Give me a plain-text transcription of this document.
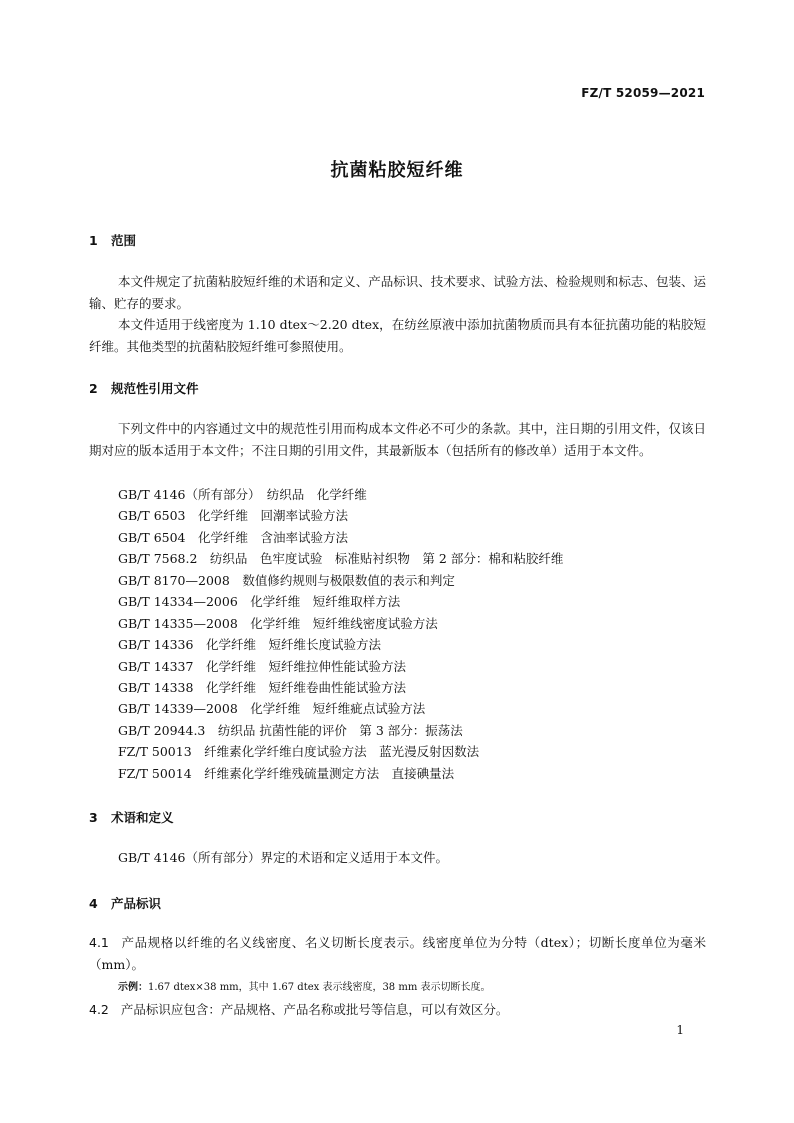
FZ/T 52059—2021
抗菌粘胶短纤维
1 范围
本文件规定了抗菌粘胶短纤维的术语和定义、产品标识、技术要求、试验方法、检验规则和标志、包装、运输、贮存的要求。
本文件适用于线密度为 1.10 dtex～2.20 dtex，在纺丝原液中添加抗菌物质而具有本征抗菌功能的粘胶短纤维。其他类型的抗菌粘胶短纤维可参照使用。
2 规范性引用文件
下列文件中的内容通过文中的规范性引用而构成本文件必不可少的条款。其中，注日期的引用文件，仅该日期对应的版本适用于本文件；不注日期的引用文件，其最新版本（包括所有的修改单）适用于本文件。
GB/T 4146（所有部分）　纺织品　化学纤维
GB/T 6503　化学纤维　回潮率试验方法
GB/T 6504　化学纤维　含油率试验方法
GB/T 7568.2　纺织品　色牢度试验　标准贴衬织物　第 2 部分：棉和粘胶纤维
GB/T 8170—2008　数值修约规则与极限数值的表示和判定
GB/T 14334—2006　化学纤维　短纤维取样方法
GB/T 14335—2008　化学纤维　短纤维线密度试验方法
GB/T 14336　化学纤维　短纤维长度试验方法
GB/T 14337　化学纤维　短纤维拉伸性能试验方法
GB/T 14338　化学纤维　短纤维卷曲性能试验方法
GB/T 14339—2008　化学纤维　短纤维疵点试验方法
GB/T 20944.3　纺织品 抗菌性能的评价　第 3 部分：振荡法
FZ/T 50013　纤维素化学纤维白度试验方法　蓝光漫反射因数法
FZ/T 50014　纤维素化学纤维残硫量测定方法　直接碘量法
3 术语和定义
GB/T 4146（所有部分）界定的术语和定义适用于本文件。
4 产品标识
4.1 产品规格以纤维的名义线密度、名义切断长度表示。线密度单位为分特（dtex）；切断长度单位为毫米（mm）。
示例：1.67 dtex×38 mm，其中 1.67 dtex 表示线密度，38 mm 表示切断长度。
4.2 产品标识应包含：产品规格、产品名称或批号等信息，可以有效区分。
1
